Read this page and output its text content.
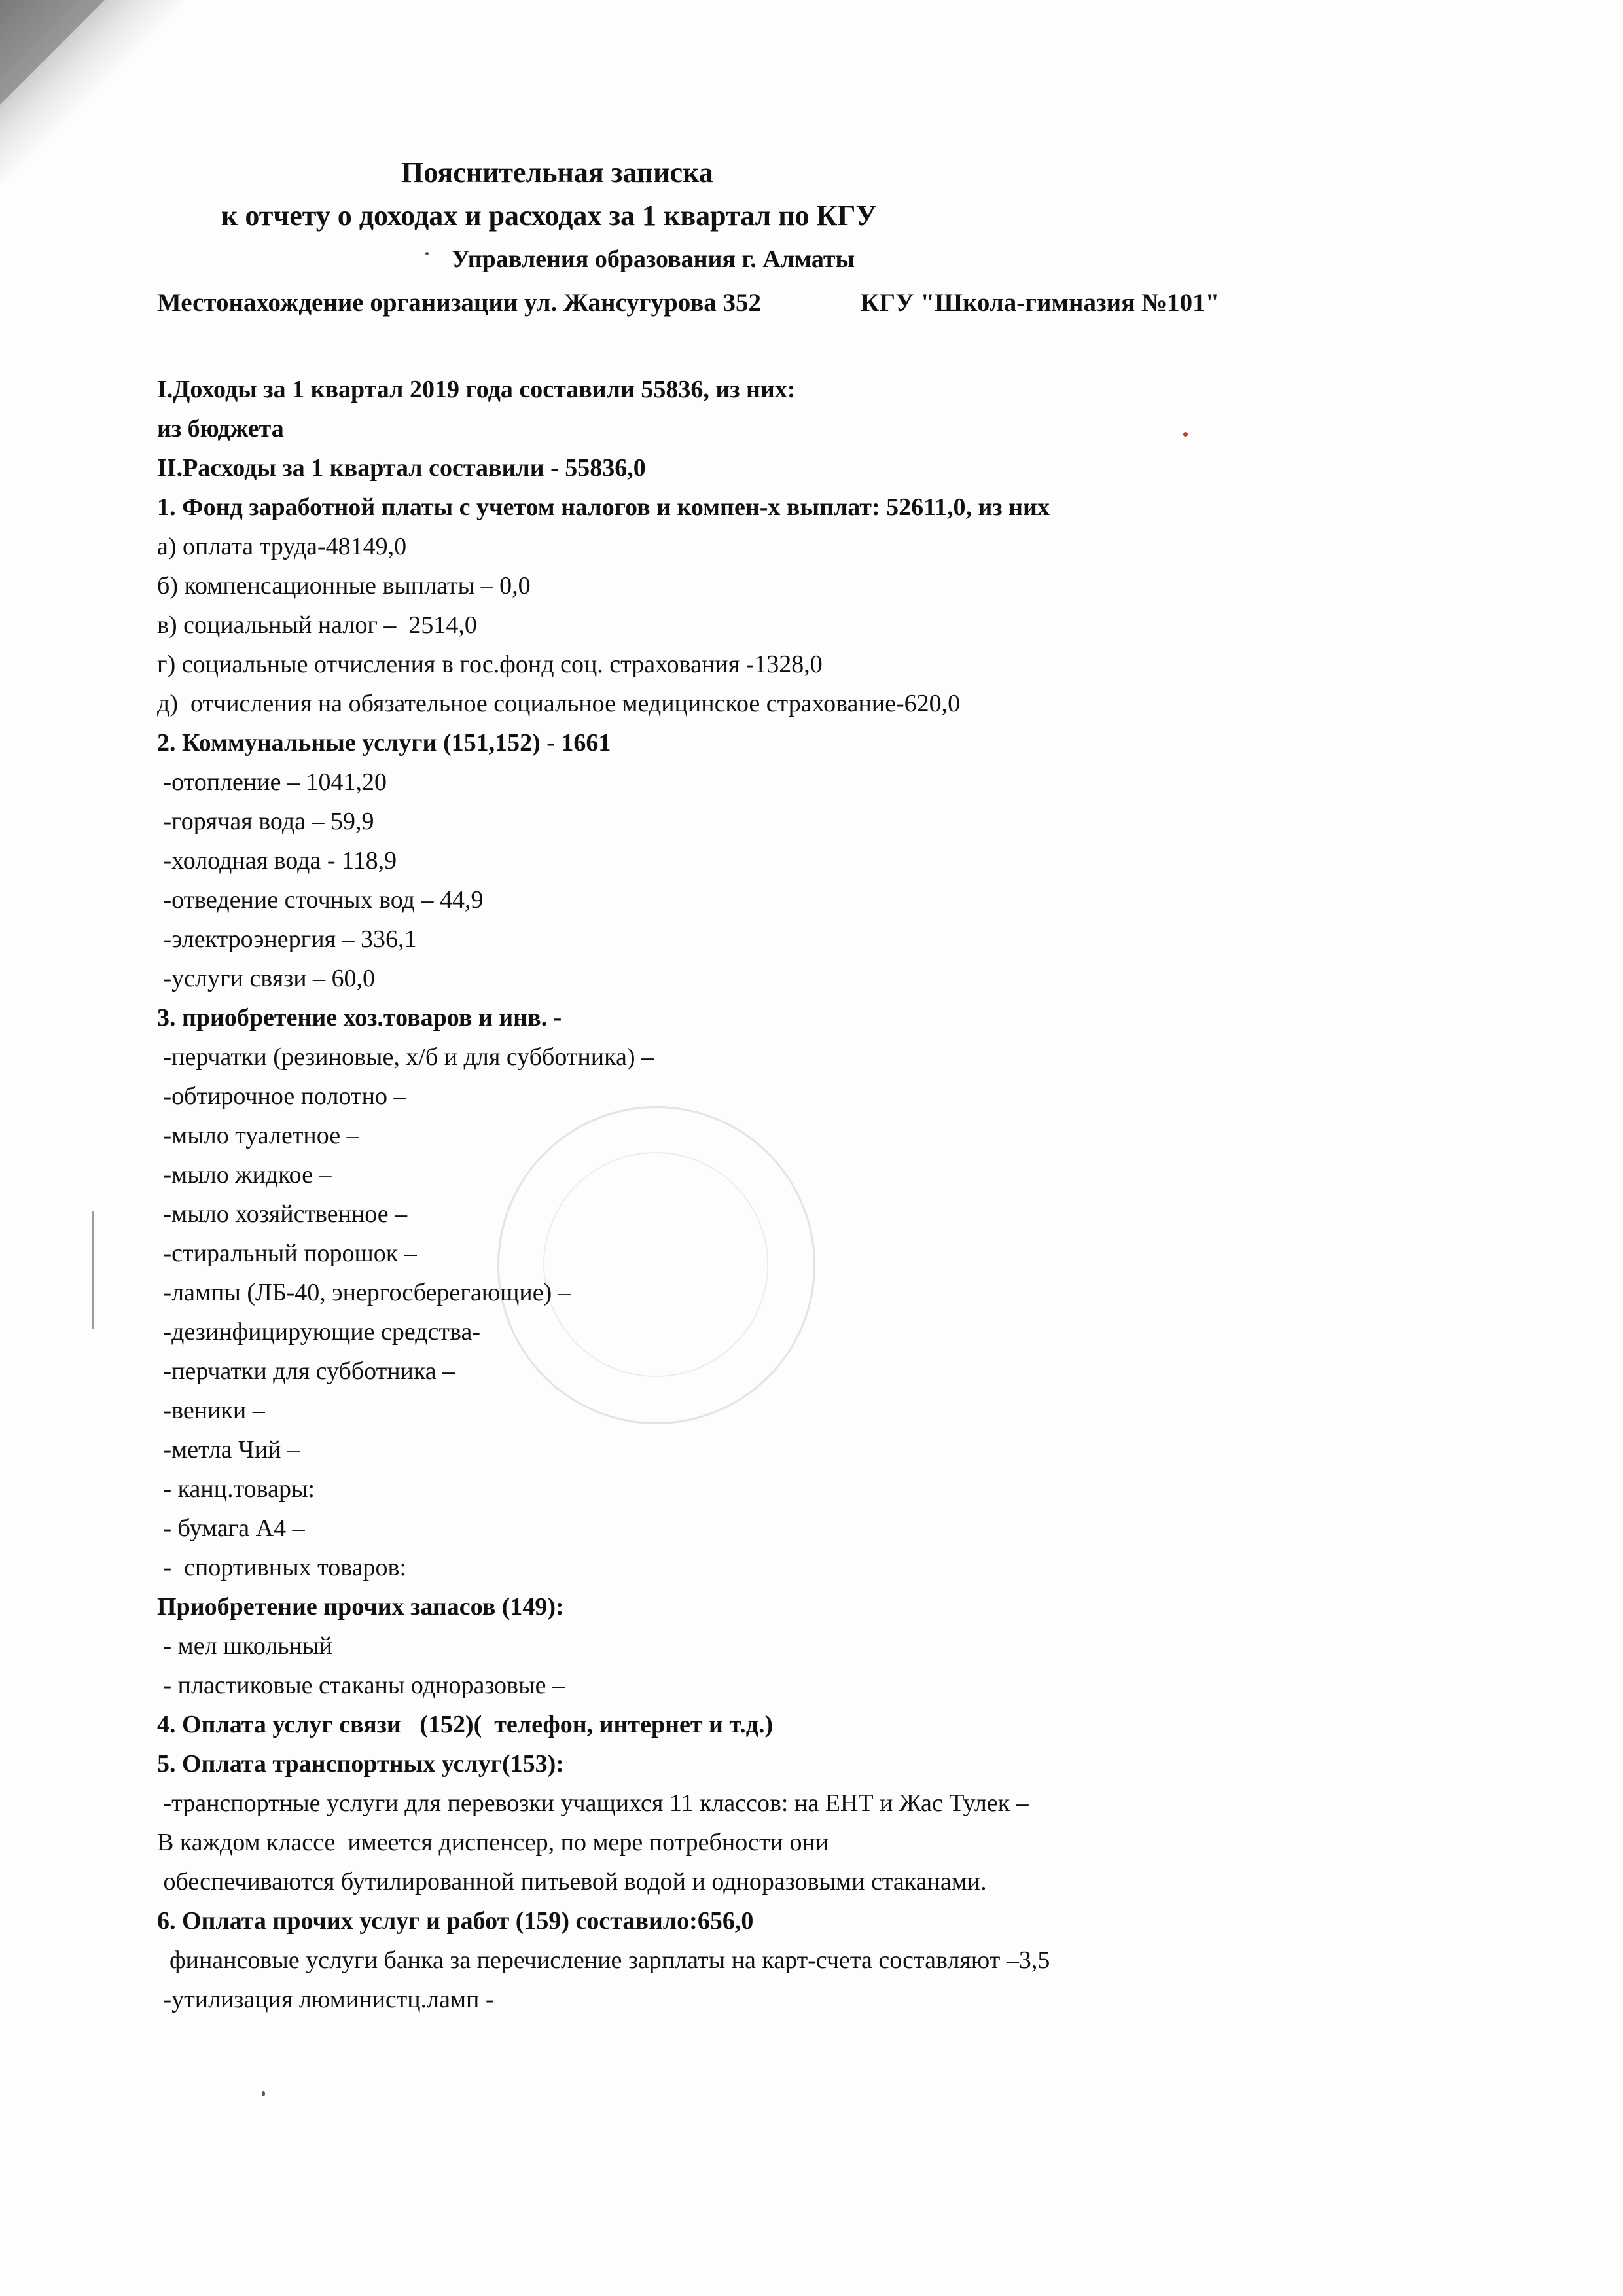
Пояснительная записка
к отчету о доходах и расходах за 1 квартал по КГУ
Управления образования г. Алматы
Местонахождение организации ул. Жансугурова 352	КГУ "Школа-гимназия №101"
I.Доходы за 1 квартал 2019 года составили 55836, из них:
из бюджета
II.Расходы за 1 квартал составили - 55836,0
1. Фонд заработной платы с учетом налогов и компен-х выплат: 52611,0, из них
а) оплата труда-48149,0
б) компенсационные выплаты – 0,0
в) социальный налог –  2514,0
г) социальные отчисления в гос.фонд соц. страхования -1328,0
д)  отчисления на обязательное социальное медицинское страхование-620,0
2. Коммунальные услуги (151,152) - 1661
-отопление – 1041,20
-горячая вода – 59,9
-холодная вода - 118,9
-отведение сточных вод – 44,9
-электроэнергия – 336,1
-услуги связи – 60,0
3. приобретение хоз.товаров и инв. -
-перчатки (резиновые, х/б и для субботника) –
-обтирочное полотно –
-мыло туалетное –
-мыло жидкое –
-мыло хозяйственное –
-стиральный порошок –
-лампы (ЛБ-40, энергосберегающие) –
-дезинфицирующие средства-
-перчатки для субботника –
-веники –
-метла Чий –
- канц.товары:
- бумага А4 –
-  спортивных товаров:
Приобретение прочих запасов (149):
- мел школьный
- пластиковые стаканы одноразовые –
4. Оплата услуг связи   (152)(  телефон, интернет и т.д.)
5. Оплата транспортных услуг(153):
-транспортные услуги для перевозки учащихся 11 классов: на ЕНТ и Жас Тулек –
В каждом классе  имеется диспенсер, по мере потребности они
обеспечиваются бутилированной питьевой водой и одноразовыми стаканами.
6. Оплата прочих услуг и работ (159) составило:656,0
финансовые услуги банка за перечисление зарплаты на карт-счета составляют –3,5
-утилизация люминистц.ламп -
